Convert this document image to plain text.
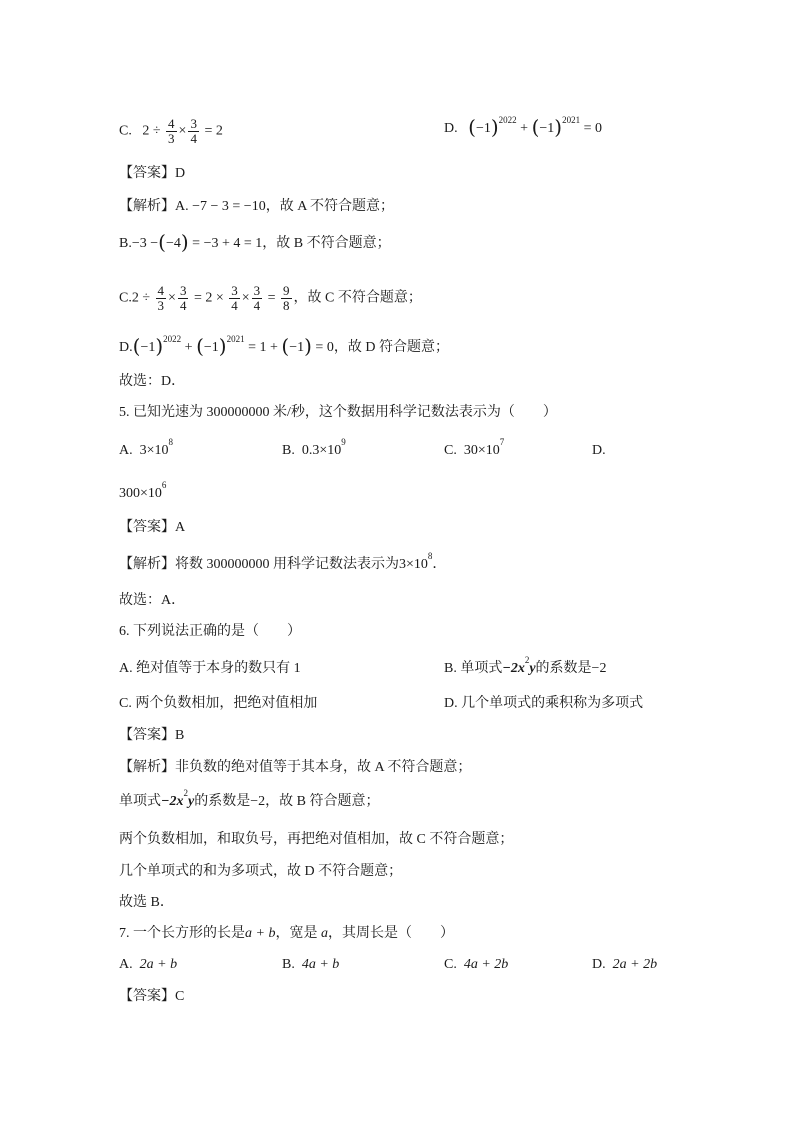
C. $2 \div \frac{4}{3} \times \frac{3}{4} = 2$	D. $(-1)^{2022} + (-1)^{2021} = 0$
【答案】D
【解析】A. −7 − 3 = −10，故 A 不符合题意；
B.−3 −(−4) = −3 + 4 = 1，故 B 不符合题意；
$C.2 \div \frac{4}{3} \times \frac{3}{4} = 2 \times \frac{3}{4} \times \frac{3}{4} = \frac{9}{8}$ ，故 C 不符合题意；
$D.(-1)^{2022} + (-1)^{2021} = 1 + (-1) = 0$，故 D 符合题意；
故选：D．
5. 已知光速为 300000000 米/秒，这个数据用科学记数法表示为（　　）
A. $3\times 10^8$
B. $0.3\times 10^9$
C. $30\times 10^7$
D.
$300\times 10^6$
【答案】A
【解析】将数 300000000 用科学记数法表示为$3\times 10^8$．
故选：A．
6. 下列说法正确的是（　　）
A. 绝对值等于本身的数只有 1	B. 单项式$-2x^2y$的系数是−2
C. 两个负数相加，把绝对值相加	D. 几个单项式的乘积称为多项式
【答案】B
【解析】非负数的绝对值等于其本身，故 A 不符合题意；
单项式$-2x^2y$的系数是−2，故 B 符合题意；
两个负数相加，和取负号，再把绝对值相加，故 C 不符合题意；
几个单项式的和为多项式，故 D 不符合题意；
故选 B．
7. 一个长方形的长是a + b，宽是 a，其周长是（　　）
A. 2a + b	B. 4a + b	C. 4a + 2b	D. 2a + 2b
【答案】C
